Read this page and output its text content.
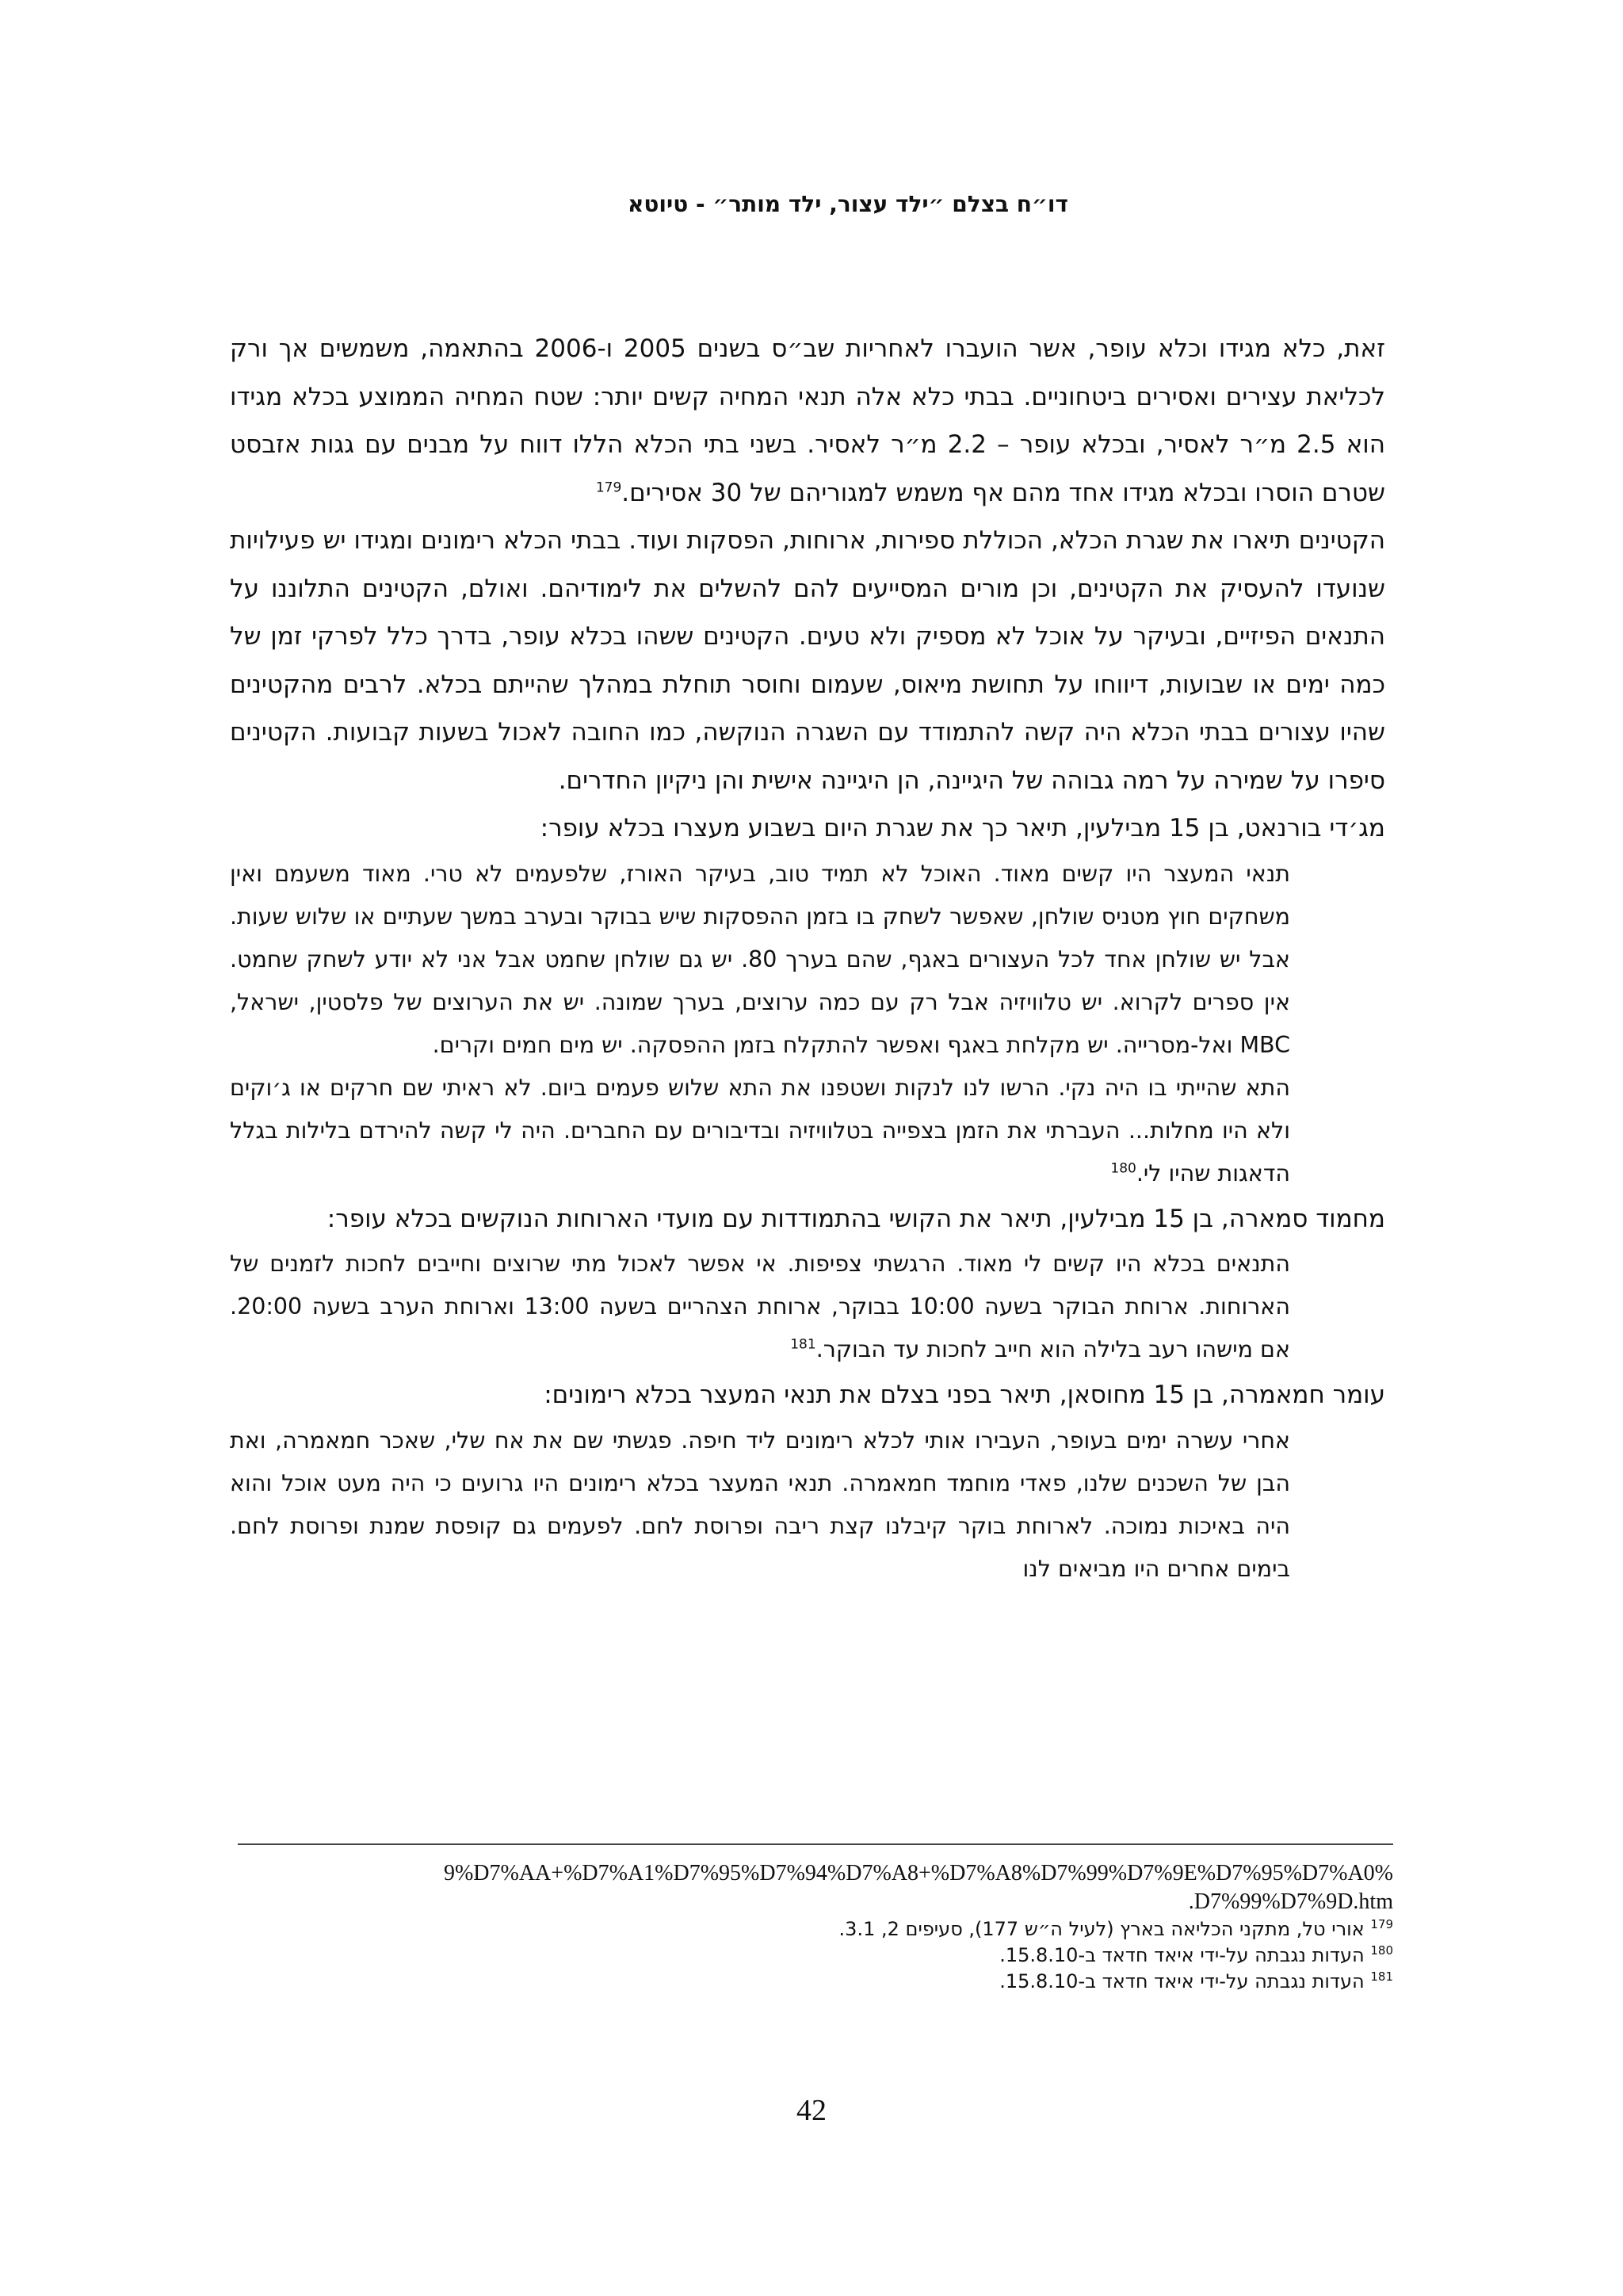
דו״ח בצלם ״ילד עצור, ילד מותר״ - טיוטא

זאת, כלא מגידו וכלא עופר, אשר הועברו לאחריות שב״ס בשנים 2005 ו-2006 בהתאמה, משמשים אך ורק לכליאת עצירים ואסירים ביטחוניים. בבתי כלא אלה תנאי המחיה קשים יותר: שטח המחיה הממוצע בכלא מגידו הוא 2.5 מ״ר לאסיר, ובכלא עופר – 2.2 מ״ר לאסיר. בשני בתי הכלא הללו דווח על מבנים עם גגות אזבסט שטרם הוסרו ובכלא מגידו אחד מהם אף משמש למגוריהם של 30 אסירים.$^{179}$

הקטינים תיארו את שגרת הכלא, הכוללת ספירות, ארוחות, הפסקות ועוד. בבתי הכלא רימונים ומגידו יש פעילויות שנועדו להעסיק את הקטינים, וכן מורים המסייעים להם להשלים את לימודיהם. ואולם, הקטינים התלוננו על התנאים הפיזיים, ובעיקר על אוכל לא מספיק ולא טעים. הקטינים ששהו בכלא עופר, בדרך כלל לפרקי זמן של כמה ימים או שבועות, דיווחו על תחושת מיאוס, שעמום וחוסר תוחלת במהלך שהייתם בכלא. לרבים מהקטינים שהיו עצורים בבתי הכלא היה קשה להתמודד עם השגרה הנוקשה, כמו החובה לאכול בשעות קבועות. הקטינים סיפרו על שמירה על רמה גבוהה של היגיינה, הן היגיינה אישית והן ניקיון החדרים.

מג׳די בורנאט, בן 15 מבילעין, תיאר כך את שגרת היום בשבוע מעצרו בכלא עופר:

תנאי המעצר היו קשים מאוד. האוכל לא תמיד טוב, בעיקר האורז, שלפעמים לא טרי. מאוד משעמם ואין משחקים חוץ מטניס שולחן, שאפשר לשחק בו בזמן ההפסקות שיש בבוקר ובערב במשך שעתיים או שלוש שעות. אבל יש שולחן אחד לכל העצורים באגף, שהם בערך 80. יש גם שולחן שחמט אבל אני לא יודע לשחק שחמט. אין ספרים לקרוא. יש טלוויזיה אבל רק עם כמה ערוצים, בערך שמונה. יש את הערוצים של פלסטין, ישראל, MBC ואל-מסרייה. יש מקלחת באגף ואפשר להתקלח בזמן ההפסקה. יש מים חמים וקרים.

התא שהייתי בו היה נקי. הרשו לנו לנקות ושטפנו את התא שלוש פעמים ביום. לא ראיתי שם חרקים או ג׳וקים ולא היו מחלות... העברתי את הזמן בצפייה בטלוויזיה ובדיבורים עם החברים. היה לי קשה להירדם בלילות בגלל הדאגות שהיו לי.$^{180}$

מחמוד סמארה, בן 15 מבילעין, תיאר את הקושי בהתמודדות עם מועדי הארוחות הנוקשים בכלא עופר:

התנאים בכלא היו קשים לי מאוד. הרגשתי צפיפות. אי אפשר לאכול מתי שרוצים וחייבים לחכות לזמנים של הארוחות. ארוחת הבוקר בשעה 10:00 בבוקר, ארוחת הצהריים בשעה 13:00 וארוחת הערב בשעה 20:00. אם מישהו רעב בלילה הוא חייב לחכות עד הבוקר.$^{181}$

עומר חמאמרה, בן 15 מחוסאן, תיאר בפני בצלם את תנאי המעצר בכלא רימונים:

אחרי עשרה ימים בעופר, העבירו אותי לכלא רימונים ליד חיפה. פגשתי שם את אח שלי, שאכר חמאמרה, ואת הבן של השכנים שלנו, פאדי מוחמד חמאמרה. תנאי המעצר בכלא רימונים היו גרועים כי היה מעט אוכל והוא היה באיכות נמוכה. לארוחת בוקר קיבלנו קצת ריבה ופרוסת לחם. לפעמים גם קופסת שמנת ופרוסת לחם. בימים אחרים היו מביאים לנו

9%D7%AA+%D7%A1%D7%95%D7%94%D7%A8+%D7%A8%D7%99%D7%9E%D7%95%D7%A0%

.D7%99%D7%9D.htm

$^{179}$ אורי טל, מתקני הכליאה בארץ (לעיל ה״ש 177), סעיפים 2, 3.1.

$^{180}$ העדות נגבתה על-ידי איאד חדאד ב-15.8.10.

$^{181}$ העדות נגבתה על-ידי איאד חדאד ב-15.8.10.

42
